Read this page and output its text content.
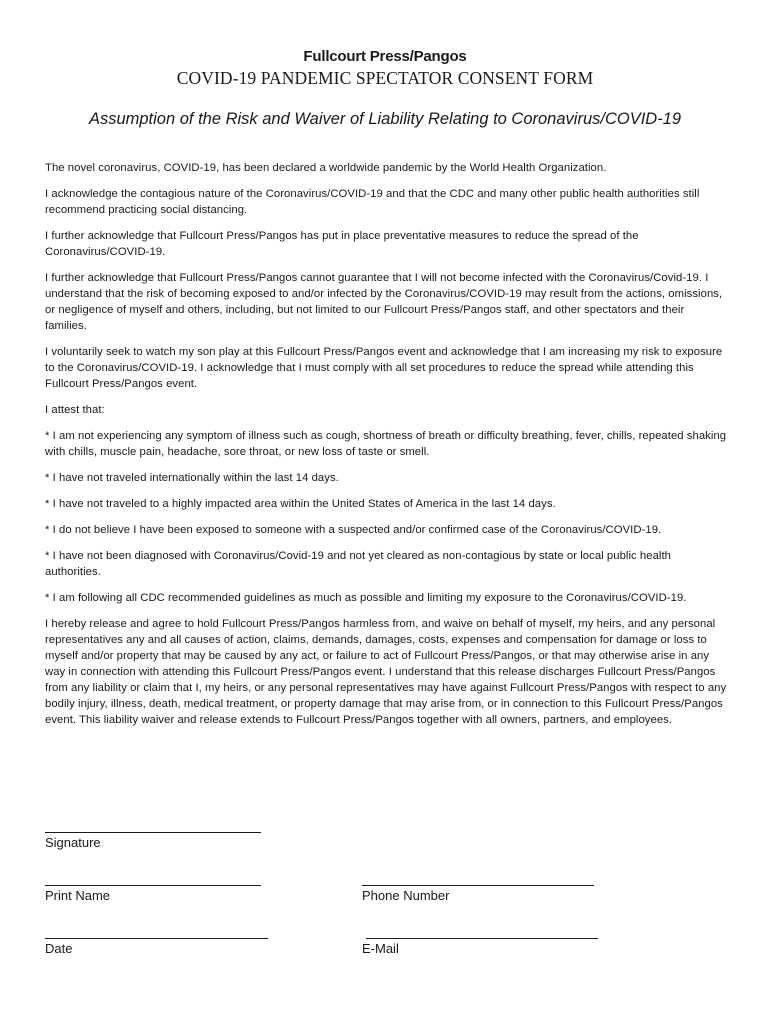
Fullcourt Press/Pangos
COVID-19 PANDEMIC SPECTATOR CONSENT FORM
Assumption of the Risk and Waiver of Liability Relating to Coronavirus/COVID-19

The novel coronavirus, COVID-19, has been declared a worldwide pandemic by the World Health Organization.

I acknowledge the contagious nature of the Coronavirus/COVID-19 and that the CDC and many other public health authorities still recommend practicing social distancing.

I further acknowledge that Fullcourt Press/Pangos has put in place preventative measures to reduce the spread of the Coronavirus/COVID-19.

I further acknowledge that Fullcourt Press/Pangos cannot guarantee that I will not become infected with the Coronavirus/Covid-19. I understand that the risk of becoming exposed to and/or infected by the Coronavirus/COVID-19 may result from the actions, omissions, or negligence of myself and others, including, but not limited to our Fullcourt Press/Pangos staff, and other spectators and their families.

I voluntarily seek to watch my son play at this Fullcourt Press/Pangos event and acknowledge that I am increasing my risk to exposure to the Coronavirus/COVID-19. I acknowledge that I must comply with all set procedures to reduce the spread while attending this Fullcourt Press/Pangos event.

I attest that:

* I am not experiencing any symptom of illness such as cough, shortness of breath or difficulty breathing, fever, chills, repeated shaking with chills, muscle pain, headache, sore throat, or new loss of taste or smell.

* I have not traveled internationally within the last 14 days.

* I have not traveled to a highly impacted area within the United States of America in the last 14 days.

* I do not believe I have been exposed to someone with a suspected and/or confirmed case of the Coronavirus/COVID-19.

* I have not been diagnosed with Coronavirus/Covid-19 and not yet cleared as non-contagious by state or local public health authorities.

* I am following all CDC recommended guidelines as much as possible and limiting my exposure to the Coronavirus/COVID-19.

I hereby release and agree to hold Fullcourt Press/Pangos harmless from, and waive on behalf of myself, my heirs, and any personal representatives any and all causes of action, claims, demands, damages, costs, expenses and compensation for damage or loss to myself and/or property that may be caused by any act, or failure to act of Fullcourt Press/Pangos, or that may otherwise arise in any way in connection with attending this Fullcourt Press/Pangos event. I understand that this release discharges Fullcourt Press/Pangos from any liability or claim that I, my heirs, or any personal representatives may have against Fullcourt Press/Pangos with respect to any bodily injury, illness, death, medical treatment, or property damage that may arise from, or in connection to this Fullcourt Press/Pangos event. This liability waiver and release extends to Fullcourt Press/Pangos together with all owners, partners, and employees.

Signature
Print Name	Phone Number
Date	E-Mail
